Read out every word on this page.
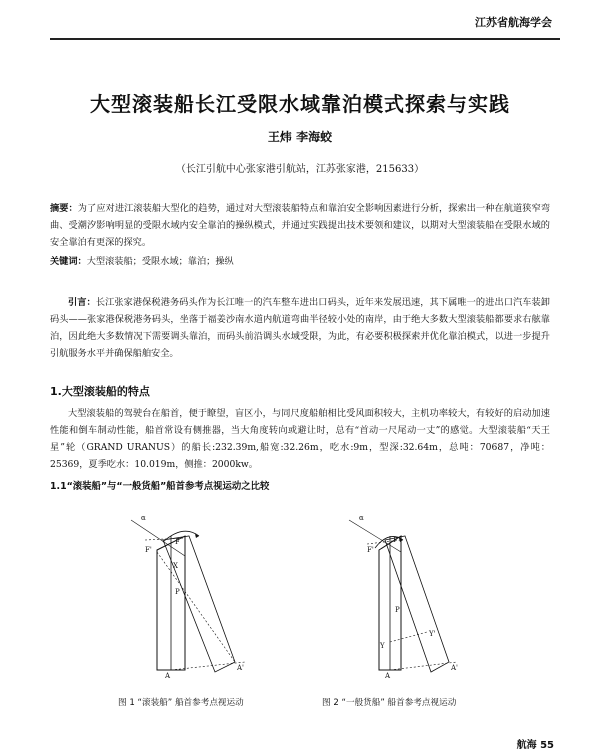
江苏省航海学会
大型滚装船长江受限水域靠泊模式探索与实践
王炜 李海蛟
（长江引航中心张家港引航站，江苏张家港，215633）
摘要：为了应对进江滚装船大型化的趋势，通过对大型滚装船特点和靠泊安全影响因素进行分析，探索出一种在航道狭窄弯曲、受潮汐影响明显的受限水域内安全靠泊的操纵模式，并通过实践提出技术要领和建议，以期对大型滚装船在受限水域的安全靠泊有更深的探究。
关键词：大型滚装船；受限水域；靠泊；操纵
引言：长江张家港保税港务码头作为长江唯一的汽车整车进出口码头，近年来发展迅速，其下属唯一的进出口汽车装卸码头——张家港保税港务码头，坐落于福姜沙南水道内航道弯曲半径较小处的南岸，由于绝大多数大型滚装船都要求右舷靠泊，因此绝大多数情况下需要调头靠泊，而码头前沿调头水域受限，为此，有必要积极探索并优化靠泊模式，以进一步提升引航服务水平并确保船舶安全。
1.大型滚装船的特点
大型滚装船的驾驶台在船首，便于瞭望，盲区小，与同尺度船舶相比受风面积较大，主机功率较大，有较好的启动加速性能和倒车制动性能，船首常设有侧推器，当大角度转向或避让时，总有“首动一尺尾动一丈”的感觉。大型滚装船“天王星”轮（GRAND URANUS）的船长:232.39m,船宽:32.26m，吃水:9m，型深:32.64m，总吨：70687，净吨：25369，夏季吃水：10.019m，侧推：2000kw。
1.1“滚装船”与“一般货船”船首参考点视运动之比较
α
F'
F
X
P
A
A'
图 1 “滚装船” 船首参考点视运动
α
F'
F
Y
Y'
P
A
A'
图 2 “一般货船” 船首参考点视运动
航海 55
